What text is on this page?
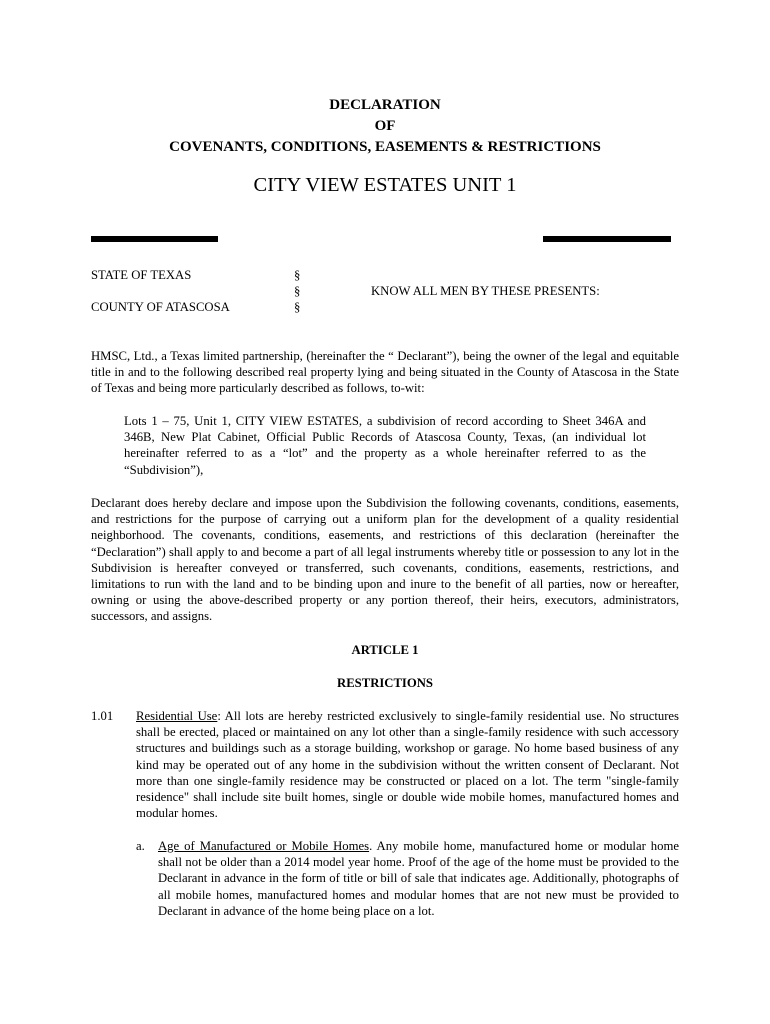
DECLARATION
OF
COVENANTS, CONDITIONS, EASEMENTS & RESTRICTIONS
CITY VIEW ESTATES UNIT 1
STATE OF TEXAS
COUNTY OF ATASCOSA
§
§
§
KNOW ALL MEN BY THESE PRESENTS:
HMSC, Ltd., a Texas limited partnership, (hereinafter the “ Declarant”), being the owner of the legal and equitable title in and to the following described real property lying and being situated in the County of Atascosa in the State of Texas and being more particularly described as follows, to-wit:
Lots 1 – 75, Unit 1, CITY VIEW ESTATES, a subdivision of record according to Sheet 346A and 346B, New Plat Cabinet, Official Public Records of Atascosa County, Texas, (an individual lot hereinafter referred to as a “lot” and the property as a whole hereinafter referred to as the “Subdivision”),
Declarant does hereby declare and impose upon the Subdivision the following covenants, conditions, easements, and restrictions for the purpose of carrying out a uniform plan for the development of a quality residential neighborhood. The covenants, conditions, easements, and restrictions of this declaration (hereinafter the “Declaration”) shall apply to and become a part of all legal instruments whereby title or possession to any lot in the Subdivision is hereafter conveyed or transferred, such covenants, conditions, easements, restrictions, and limitations to run with the land and to be binding upon and inure to the benefit of all parties, now or hereafter, owning or using the above-described property or any portion thereof, their heirs, executors, administrators, successors, and assigns.
ARTICLE 1
RESTRICTIONS
1.01 Residential Use: All lots are hereby restricted exclusively to single-family residential use. No structures shall be erected, placed or maintained on any lot other than a single-family residence with such accessory structures and buildings such as a storage building, workshop or garage. No home based business of any kind may be operated out of any home in the subdivision without the written consent of Declarant. Not more than one single-family residence may be constructed or placed on a lot. The term "single-family residence" shall include site built homes, single or double wide mobile homes, manufactured homes and modular homes.
a. Age of Manufactured or Mobile Homes. Any mobile home, manufactured home or modular home shall not be older than a 2014 model year home. Proof of the age of the home must be provided to the Declarant in advance in the form of title or bill of sale that indicates age. Additionally, photographs of all mobile homes, manufactured homes and modular homes that are not new must be provided to Declarant in advance of the home being place on a lot.
